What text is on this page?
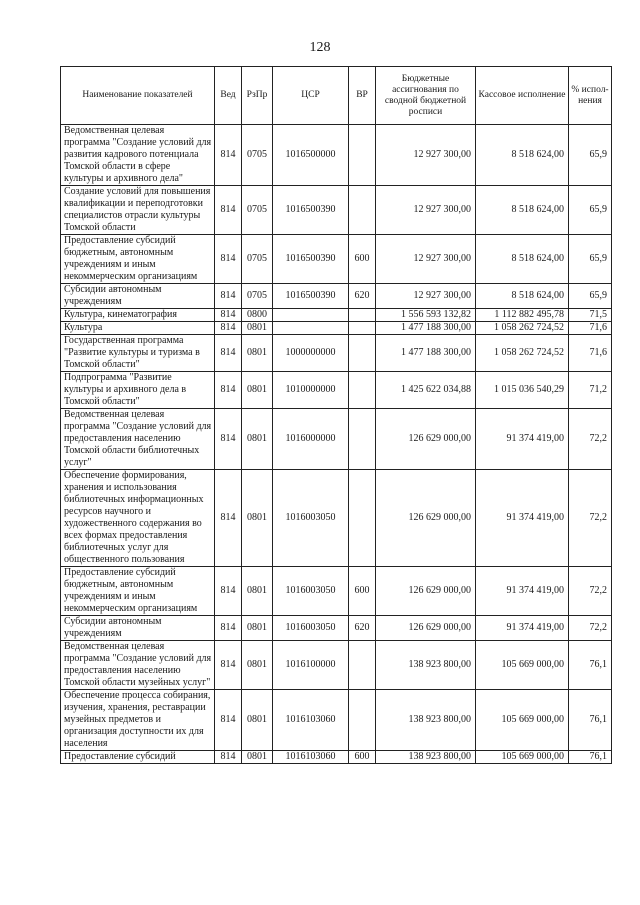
128
Наименование показателей	Вед	РзПр	ЦСР	ВР	Бюджетные ассигнования по сводной бюджетной росписи	Кассовое исполнение	% испол-нения
Ведомственная целевая программа "Создание условий для развития кадрового потенциала Томской области в сфере культуры и архивного дела"	814	0705	1016500000		12 927 300,00	8 518 624,00	65,9
Создание условий для повышения квалификации и переподготовки специалистов отрасли культуры Томской области	814	0705	1016500390		12 927 300,00	8 518 624,00	65,9
Предоставление субсидий бюджетным, автономным учреждениям и иным некоммерческим организациям	814	0705	1016500390	600	12 927 300,00	8 518 624,00	65,9
Субсидии автономным учреждениям	814	0705	1016500390	620	12 927 300,00	8 518 624,00	65,9
Культура, кинематография	814	0800			1 556 593 132,82	1 112 882 495,78	71,5
Культура	814	0801			1 477 188 300,00	1 058 262 724,52	71,6
Государственная программа "Развитие культуры и туризма в Томской области"	814	0801	1000000000		1 477 188 300,00	1 058 262 724,52	71,6
Подпрограмма "Развитие культуры и архивного дела в Томской области"	814	0801	1010000000		1 425 622 034,88	1 015 036 540,29	71,2
Ведомственная целевая программа "Создание условий для предоставления населению Томской области библиотечных услуг"	814	0801	1016000000		126 629 000,00	91 374 419,00	72,2
Обеспечение формирования, хранения и использования библиотечных информационных ресурсов научного и художественного содержания во всех формах предоставления библиотечных услуг для общественного пользования	814	0801	1016003050		126 629 000,00	91 374 419,00	72,2
Предоставление субсидий бюджетным, автономным учреждениям и иным некоммерческим организациям	814	0801	1016003050	600	126 629 000,00	91 374 419,00	72,2
Субсидии автономным учреждениям	814	0801	1016003050	620	126 629 000,00	91 374 419,00	72,2
Ведомственная целевая программа "Создание условий для предоставления населению Томской области музейных услуг"	814	0801	1016100000		138 923 800,00	105 669 000,00	76,1
Обеспечение процесса собирания, изучения, хранения, реставрации музейных предметов и организация доступности их для населения	814	0801	1016103060		138 923 800,00	105 669 000,00	76,1
Предоставление субсидий	814	0801	1016103060	600	138 923 800,00	105 669 000,00	76,1
